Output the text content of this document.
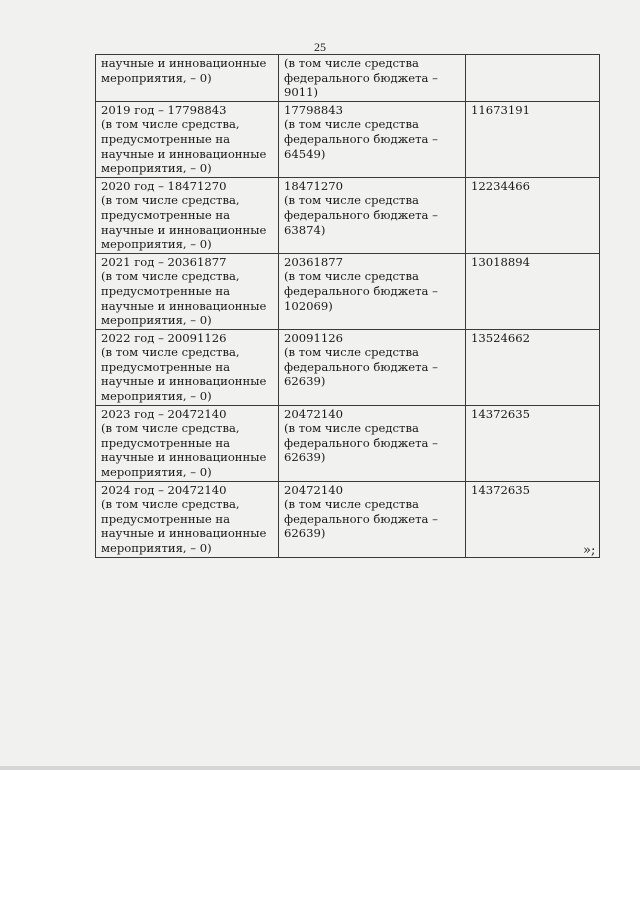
25
научные и инновационные
мероприятия, – 0)	(в том числе средства
федерального бюджета –
9011)	

2019 год – 17798843
(в том числе средства,
предусмотренные на
научные и инновационные
мероприятия, – 0)	17798843
(в том числе средства
федерального бюджета –
64549)	11673191

2020 год – 18471270
(в том числе средства,
предусмотренные на
научные и инновационные
мероприятия, – 0)	18471270
(в том числе средства
федерального бюджета –
63874)	12234466

2021 год – 20361877
(в том числе средства,
предусмотренные на
научные и инновационные
мероприятия, – 0)	20361877
(в том числе средства
федерального бюджета –
102069)	13018894

2022 год – 20091126
(в том числе средства,
предусмотренные на
научные и инновационные
мероприятия, – 0)	20091126
(в том числе средства
федерального бюджета –
62639)	13524662

2023 год – 20472140
(в том числе средства,
предусмотренные на
научные и инновационные
мероприятия, – 0)	20472140
(в том числе средства
федерального бюджета –
62639)	14372635

2024 год – 20472140
(в том числе средства,
предусмотренные на
научные и инновационные
мероприятия, – 0)	20472140
(в том числе средства
федерального бюджета –
62639)	14372635
»;
